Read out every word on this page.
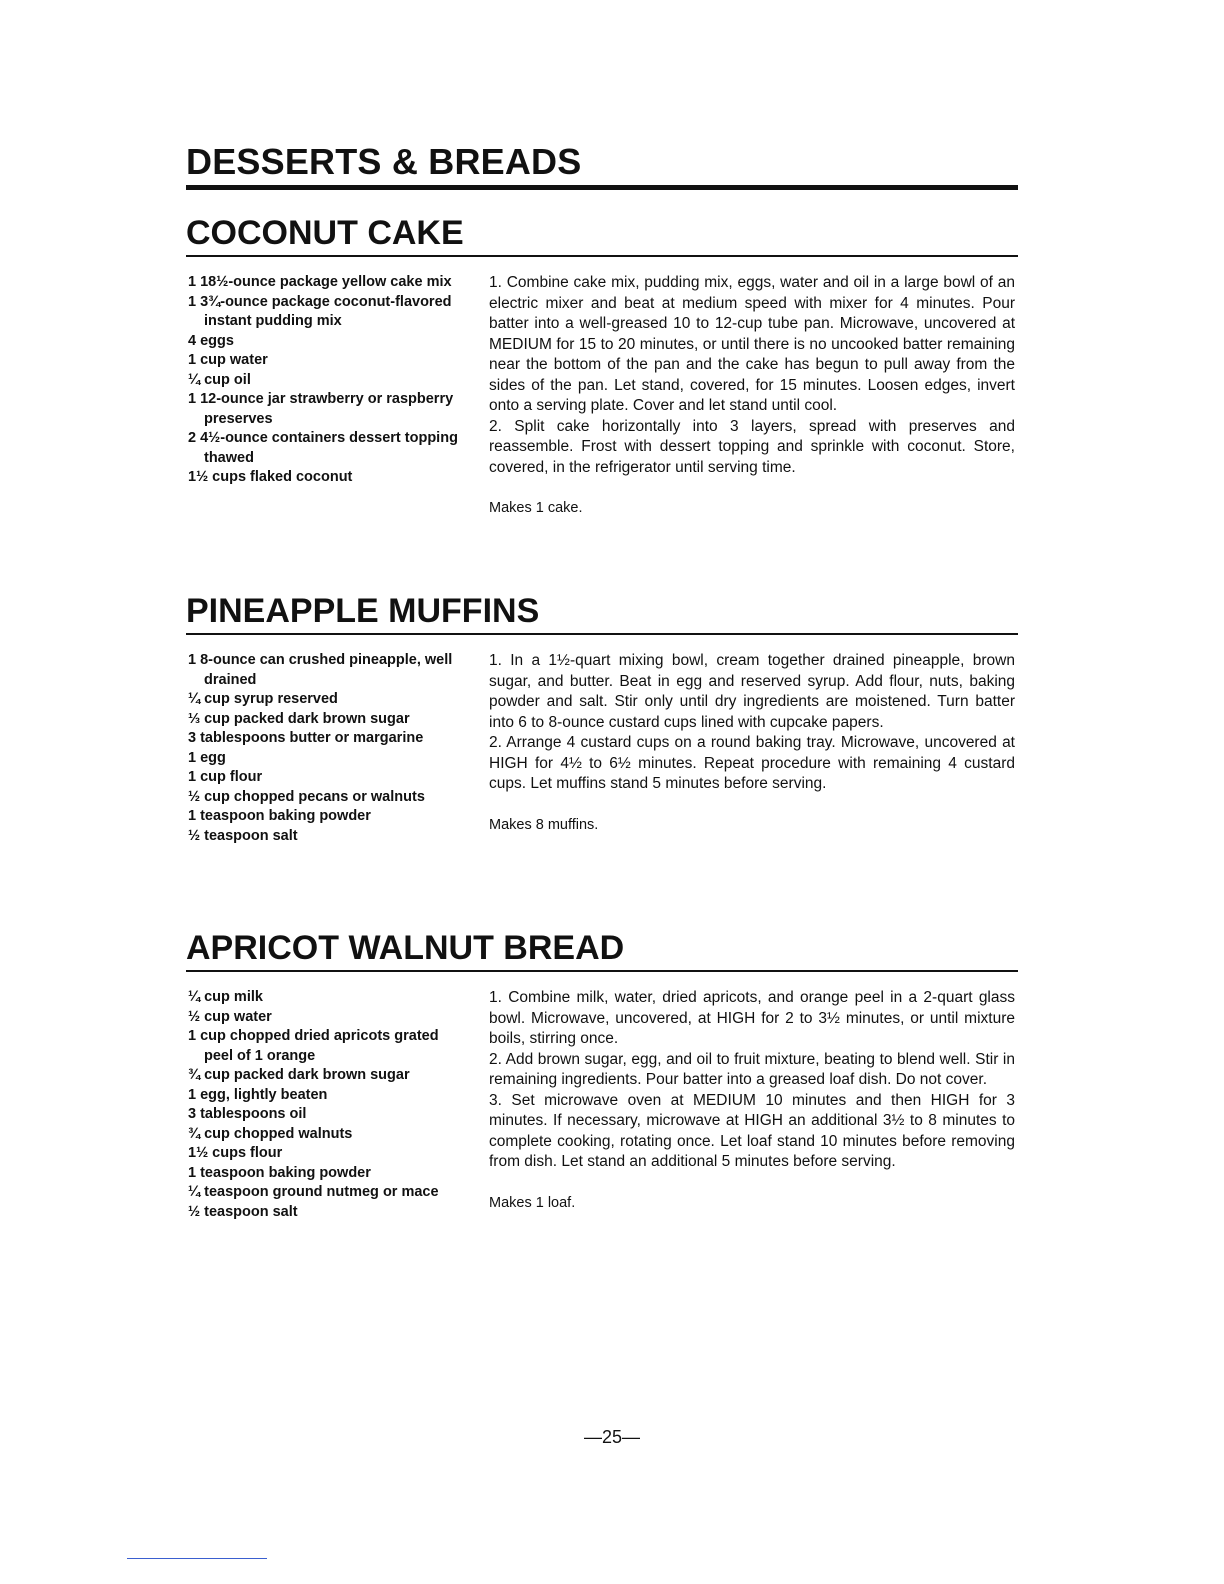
DESSERTS & BREADS
COCONUT CAKE
1 18½-ounce package yellow cake mix
1 3¾-ounce package coconut-flavored instant pudding mix
4 eggs
1 cup water
¼ cup oil
1 12-ounce jar strawberry or raspberry preserves
2 4½-ounce containers dessert topping thawed
1½ cups flaked coconut

1. Combine cake mix, pudding mix, eggs, water and oil in a large bowl of an electric mixer and beat at medium speed with mixer for 4 minutes. Pour batter into a well-greased 10 to 12-cup tube pan. Microwave, uncovered at MEDIUM for 15 to 20 minutes, or until there is no uncooked batter remaining near the bottom of the pan and the cake has begun to pull away from the sides of the pan. Let stand, covered, for 15 minutes. Loosen edges, invert onto a serving plate. Cover and let stand until cool.

2. Split cake horizontally into 3 layers, spread with preserves and reassemble. Frost with dessert topping and sprinkle with coconut. Store, covered, in the refrigerator until serving time.

Makes 1 cake.

PINEAPPLE MUFFINS
1 8-ounce can crushed pineapple, well drained
¼ cup syrup reserved
⅓ cup packed dark brown sugar
3 tablespoons butter or margarine
1 egg
1 cup flour
½ cup chopped pecans or walnuts
1 teaspoon baking powder
½ teaspoon salt

1. In a 1½-quart mixing bowl, cream together drained pineapple, brown sugar, and butter. Beat in egg and reserved syrup. Add flour, nuts, baking powder and salt. Stir only until dry ingredients are moistened. Turn batter into 6 to 8-ounce custard cups lined with cupcake papers.

2. Arrange 4 custard cups on a round baking tray. Microwave, uncovered at HIGH for 4½ to 6½ minutes. Repeat procedure with remaining 4 custard cups. Let muffins stand 5 minutes before serving.

Makes 8 muffins.

APRICOT WALNUT BREAD
¼ cup milk
½ cup water
1 cup chopped dried apricots grated peel of 1 orange
¾ cup packed dark brown sugar
1 egg, lightly beaten
3 tablespoons oil
¾ cup chopped walnuts
1½ cups flour
1 teaspoon baking powder
¼ teaspoon ground nutmeg or mace
½ teaspoon salt

1. Combine milk, water, dried apricots, and orange peel in a 2-quart glass bowl. Microwave, uncovered, at HIGH for 2 to 3½ minutes, or until mixture boils, stirring once.

2. Add brown sugar, egg, and oil to fruit mixture, beating to blend well. Stir in remaining ingredients. Pour batter into a greased loaf dish. Do not cover.

3. Set microwave oven at MEDIUM 10 minutes and then HIGH for 3 minutes. If necessary, microwave at HIGH an additional 3½ to 8 minutes to complete cooking, rotating once. Let loaf stand 10 minutes before removing from dish. Let stand an additional 5 minutes before serving.

Makes 1 loaf.

—25—
